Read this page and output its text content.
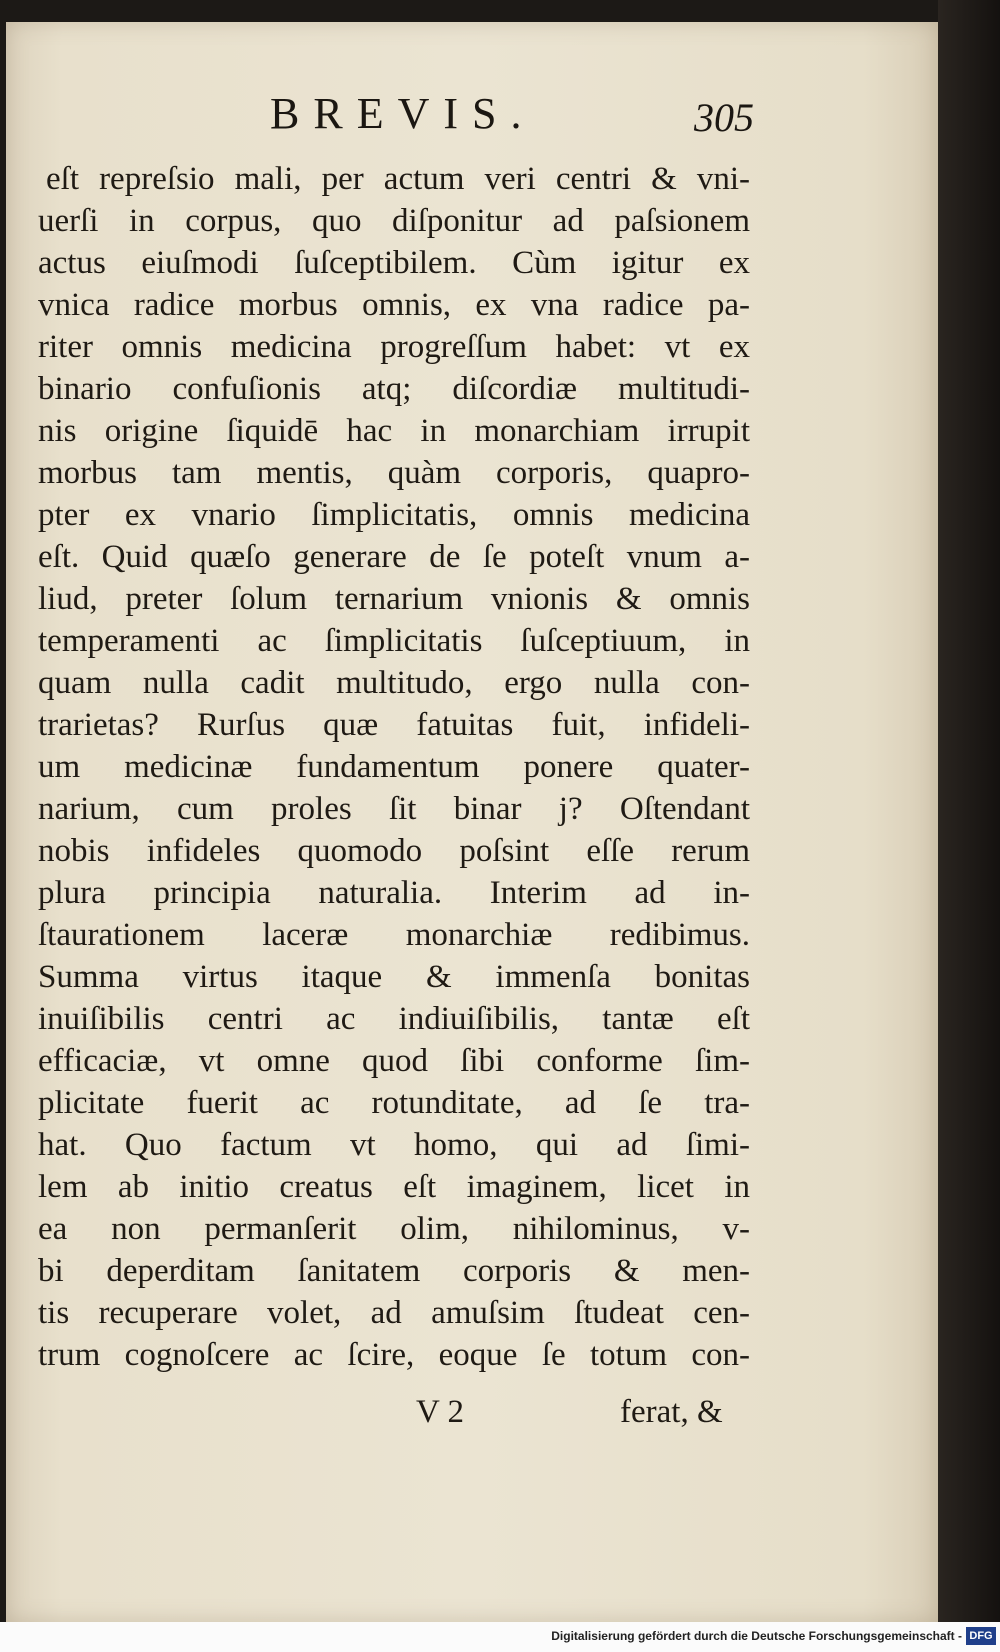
BREVIS.	305
eſt repreſsio mali, per actum veri centri & vni-
uerſi in corpus, quo diſponitur ad paſsionem
actus eiuſmodi ſuſceptibilem. Cùm igitur ex
vnica radice morbus omnis, ex vna radice pa-
riter omnis medicina progreſſum habet: vt ex
binario confuſionis atq; diſcordiæ multitudi-
nis origine ſiquidē hac in monarchiam irrupit
morbus tam mentis, quàm corporis, quapro-
pter ex vnario ſimplicitatis, omnis medicina
eſt. Quid quæſo generare de ſe poteſt vnum a-
liud, preter ſolum ternarium vnionis & omnis
temperamenti ac ſimplicitatis ſuſceptiuum, in
quam nulla cadit multitudo, ergo nulla con-
trarietas? Rurſus quæ fatuitas fuit, infideli-
um medicinæ fundamentum ponere quater-
narium, cum proles ſit binar j? Oſtendant
nobis infideles quomodo poſsint eſſe rerum
plura principia naturalia. Interim ad in-
ſtaurationem laceræ monarchiæ redibimus.
Summa virtus itaque & immenſa bonitas
inuiſibilis centri ac indiuiſibilis, tantæ eſt
efficaciæ, vt omne quod ſibi conforme ſim-
plicitate fuerit ac rotunditate, ad ſe tra-
hat. Quo factum vt homo, qui ad ſimi-
lem ab initio creatus eſt imaginem, licet in
ea non permanſerit olim, nihilominus, v-
bi deperditam ſanitatem corporis & men-
tis recuperare volet, ad amuſsim ſtudeat cen-
trum cognoſcere ac ſcire, eoque ſe totum con-
V 2	ferat, &
Digitalisierung gefördert durch die Deutsche Forschungsgemeinschaft - DFG
